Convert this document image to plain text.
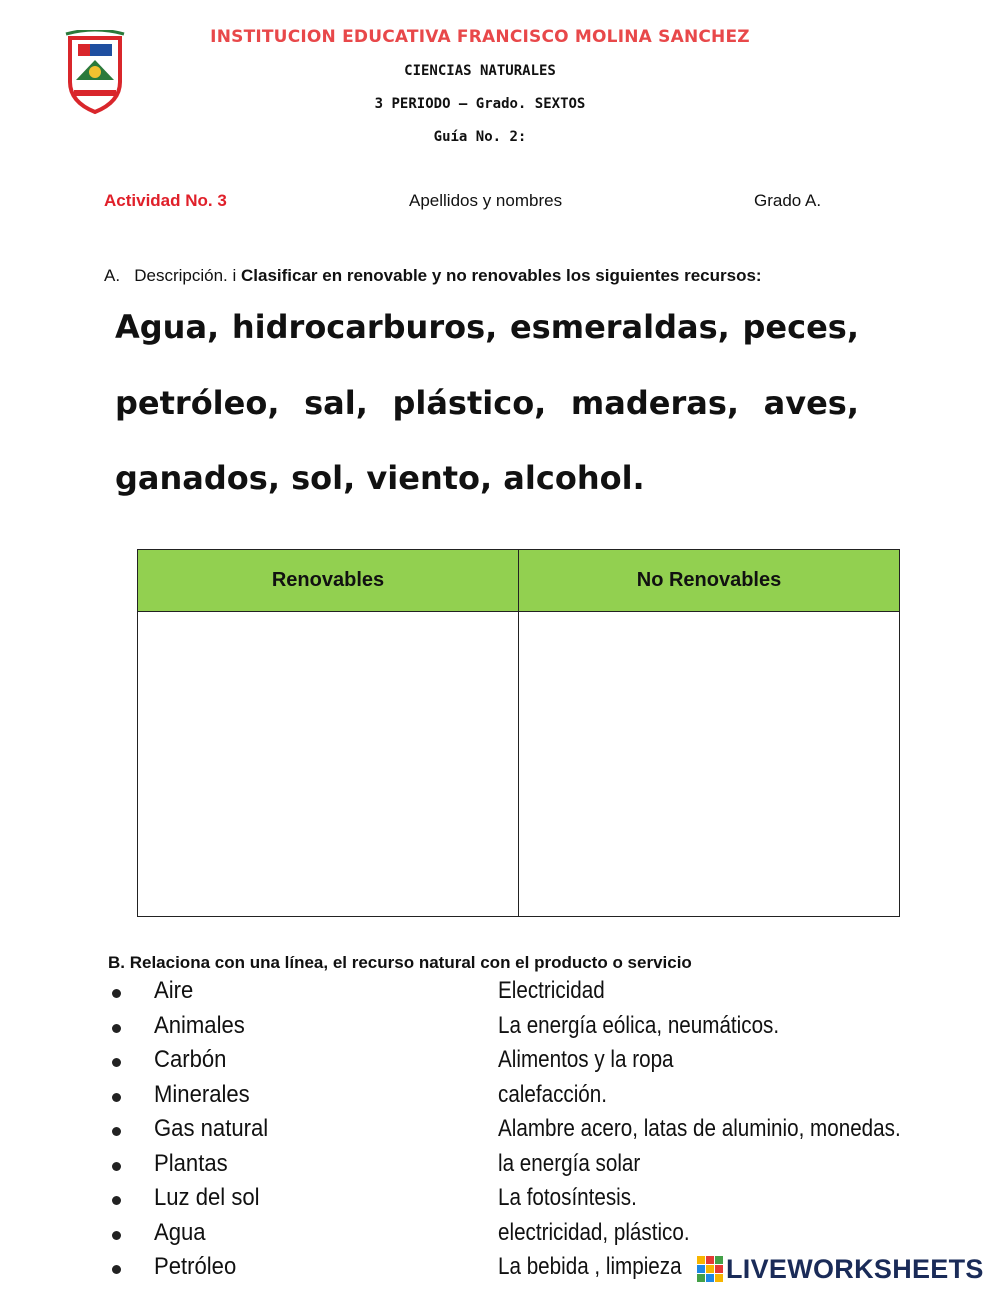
INSTITUCION EDUCATIVA FRANCISCO MOLINA SANCHEZ
CIENCIAS NATURALES
3 PERIODO – Grado. SEXTOS
Guía No. 2:
Actividad No. 3	Apellidos y nombres	Grado A.
A.   Descripción. i Clasificar en renovable y no renovables los siguientes recursos:
Agua, hidrocarburos, esmeraldas, peces,
petróleo, sal, plástico, maderas, aves,
ganados, sol, viento, alcohol.
Renovables	No Renovables

B. Relaciona con una línea, el recurso natural con el producto o servicio
Aire	Electricidad
Animales	La energía eólica, neumáticos.
Carbón	Alimentos y la ropa
Minerales	calefacción.
Gas natural	Alambre acero, latas de aluminio, monedas.
Plantas	la energía solar
Luz del sol	La fotosíntesis.
Agua	electricidad, plástico.
Petróleo	La bebida , limpieza LIVEWORKSHEETS
